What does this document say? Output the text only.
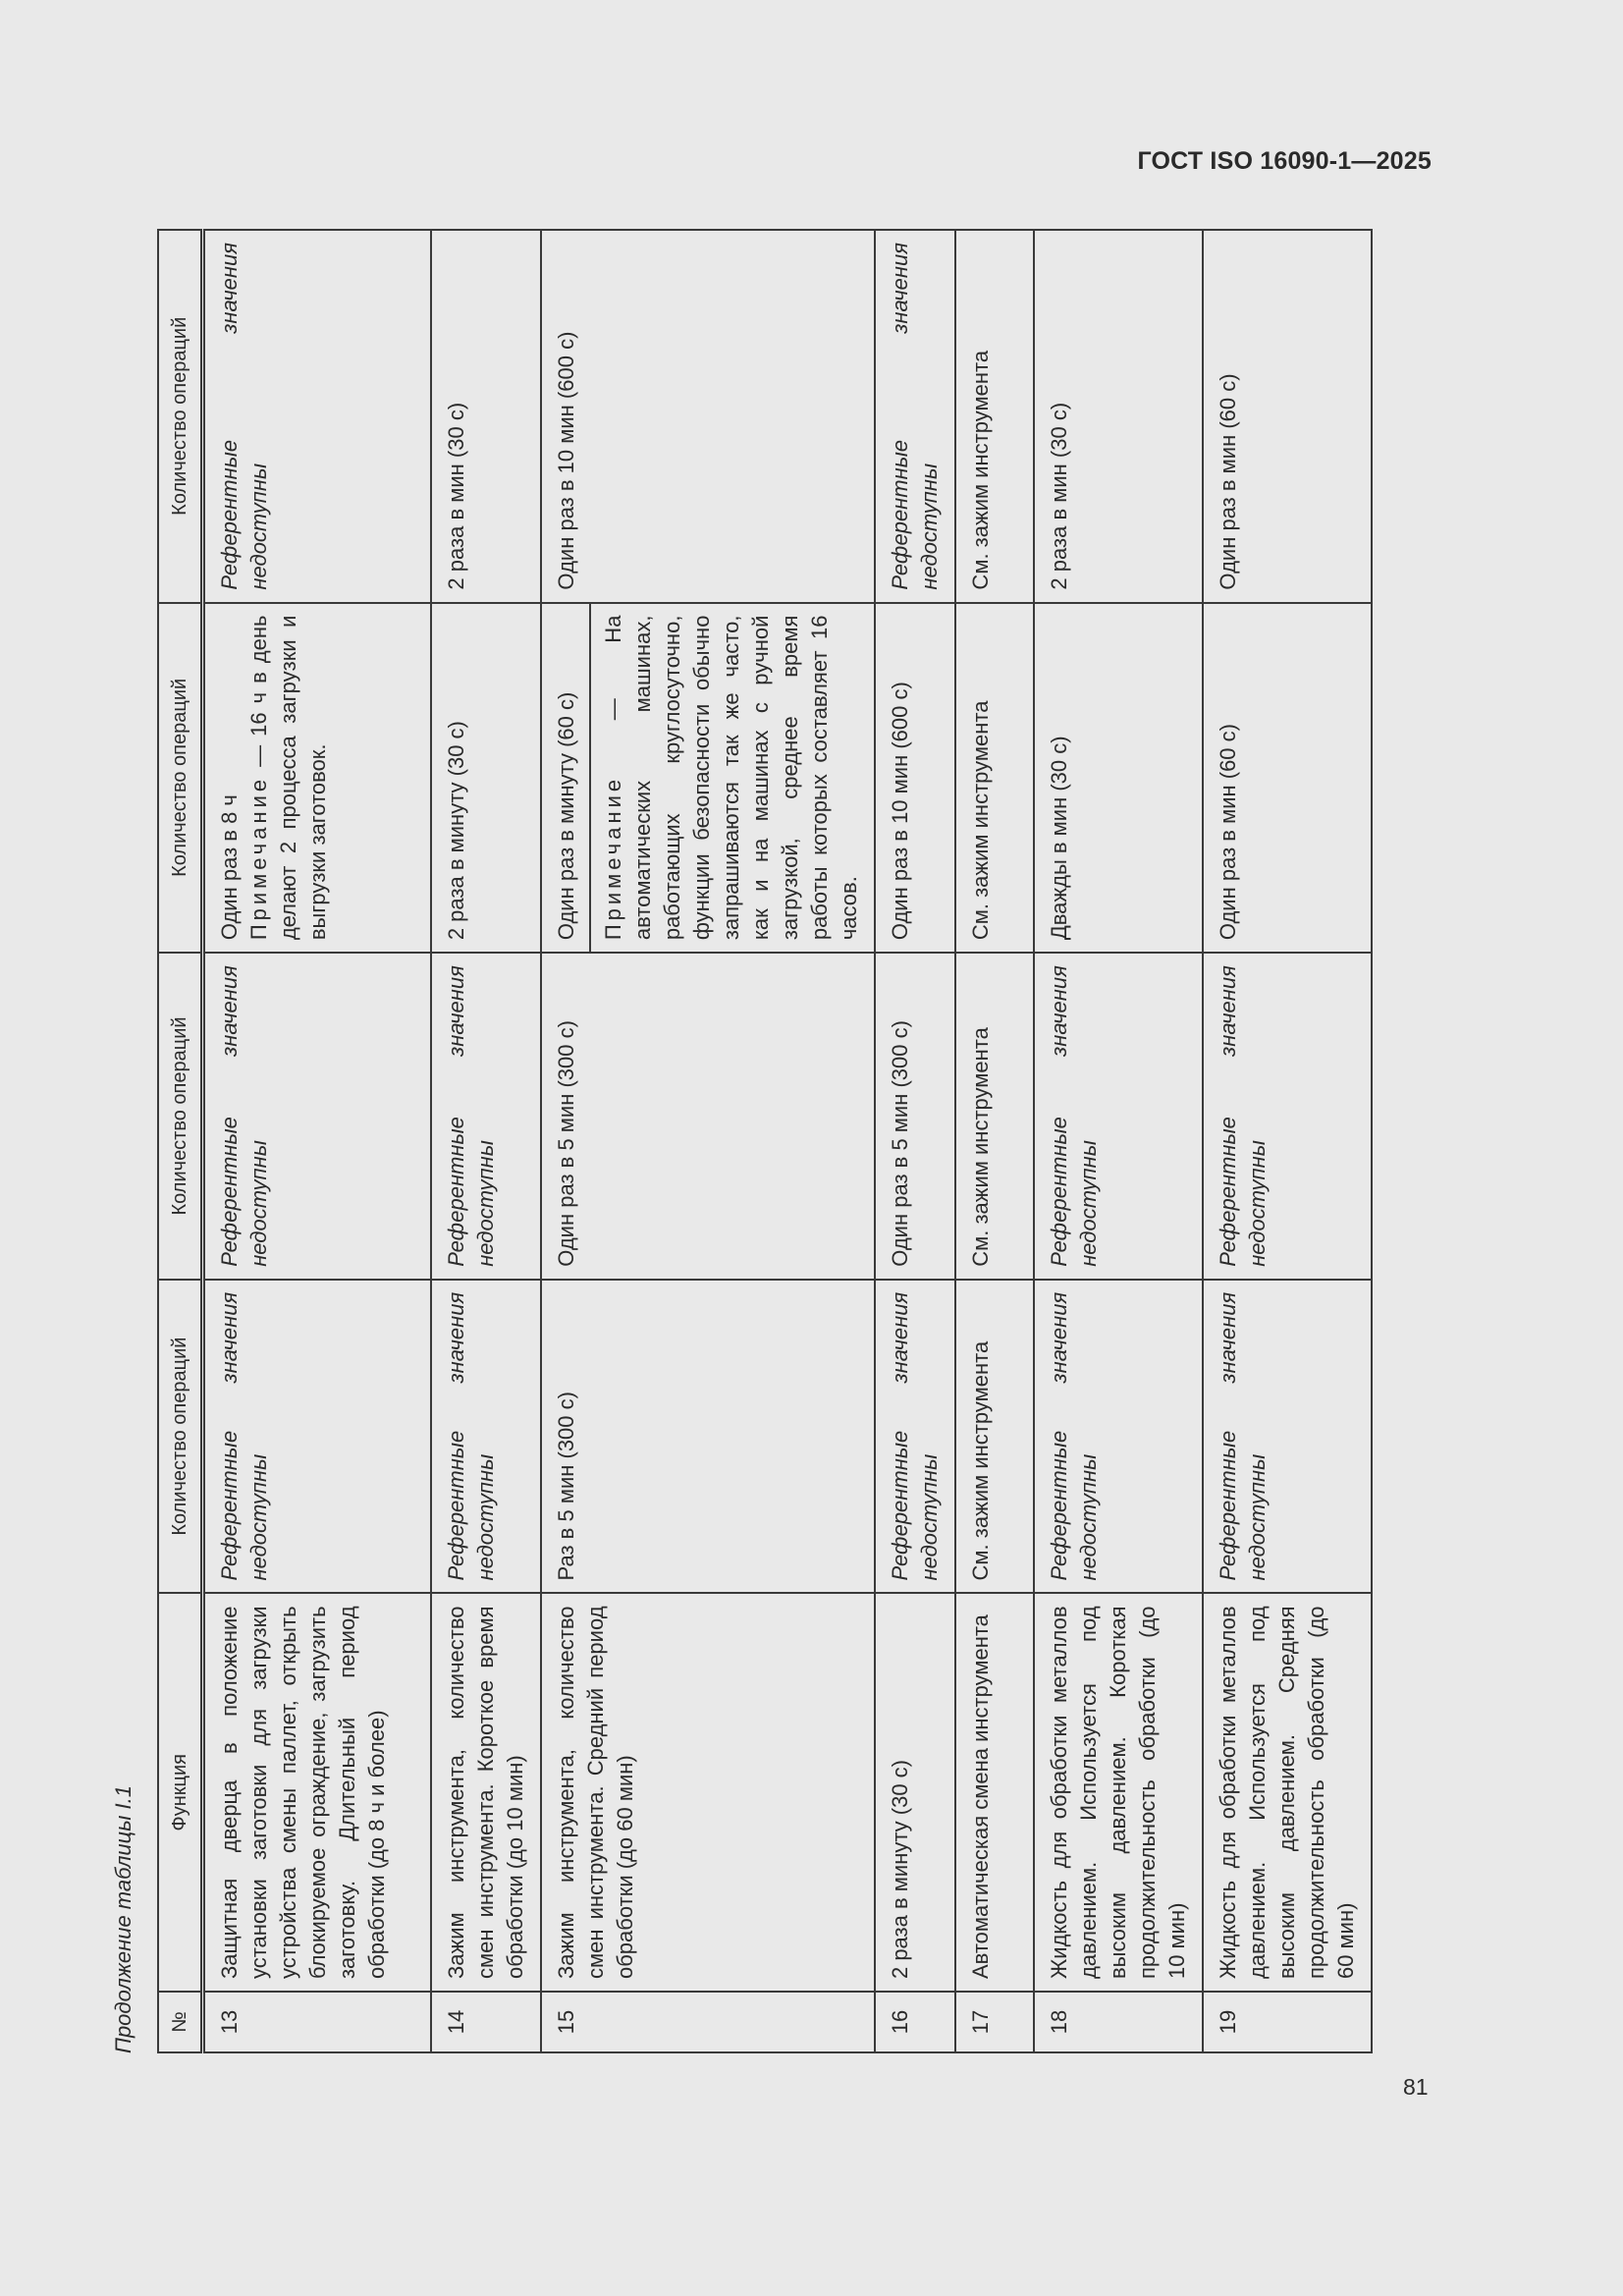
ГОСТ ISO 16090-1—2025
Продолжение таблицы I.1 №	Функция	Количество операций	Количество операций	Количество операций	Количество операций
13	Защитная дверца в положение установки заготовки для загрузки устройства смены паллет, открыть блокируемое ограждение, загрузить заготовку. Длительный период обработки (до 8 ч и более)	Референтные значения недоступны	Референтные значения недоступны	Один раз в 8 ч Примечание — 16 ч в день делают 2 процесса загрузки и выгрузки заготовок.	Референтные значения недоступны
14	Зажим инструмента, количество смен инструмента. Короткое время обработки (до 10 мин)	Референтные значения недоступны	Референтные значения недоступны	2 раза в минуту (30 с)	2 раза в мин (30 с)
15	Зажим инструмента, количество смен инструмента. Средний период обработки (до 60 мин)	Раз в 5 мин (300 с)	Один раз в 5 мин (300 с)	Один раз в минуту (60 с) Примечание — На автоматических машинах, работающих круглосуточно, функции безопасности обычно запрашиваются так же часто, как и на машинах с ручной загрузкой, среднее время работы которых составляет 16 часов.	Один раз в 10 мин (600 с)
16	2 раза в минуту (30 с)	Референтные значения недоступны	Один раз в 5 мин (300 с)	Один раз в 10 мин (600 с)	Референтные значения недоступны
17	Автоматическая смена инструмента	См. зажим инструмента	См. зажим инструмента	См. зажим инструмента	См. зажим инструмента
18	Жидкость для обработки металлов давлением. Используется под высоким давлением. Короткая продолжительность обработки (до 10 мин)	Референтные значения недоступны	Референтные значения недоступны	Дважды в мин (30 с)	2 раза в мин (30 с)
19	Жидкость для обработки металлов давлением. Используется под высоким давлением. Средняя продолжительность обработки (до 60 мин)	Референтные значения недоступны	Референтные значения недоступны	Один раз в мин (60 с)	Один раз в мин (60 с)
81
